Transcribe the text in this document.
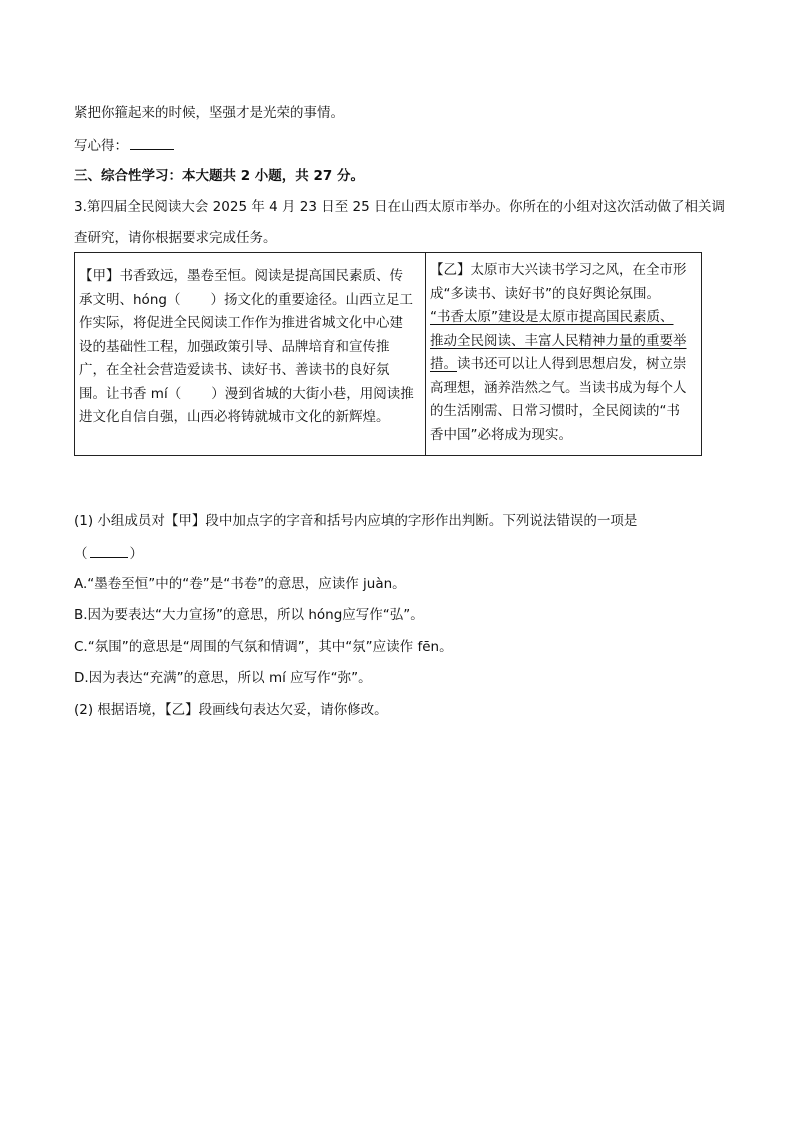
紧把你箍起来的时候，坚强才是光荣的事情。
写心得：
三、综合性学习：本大题共 2 小题，共 27 分。
3.第四届全民阅读大会 2025 年 4 月 23 日至 25 日在山西太原市举办。你所在的小组对这次活动做了相关调
查研究，请你根据要求完成任务。
【甲】书香致远，墨卷至恒。阅读是提高国民素质、传
承文明、hóng（ ）扬文化的重要途径。山西立足工
作实际，将促进全民阅读工作作为推进省城文化中心建
设的基础性工程，加强政策引导、品牌培育和宣传推
广，在全社会营造爱读书、读好书、善读书的良好氛
围。让书香 mí（ ）漫到省城的大街小巷，用阅读推
进文化自信自强，山西必将铸就城市文化的新辉煌。

【乙】太原市大兴读书学习之风，在全市形
成“多读书、读好书”的良好舆论氛围。
“书香太原”建设是太原市提高国民素质、
推动全民阅读、丰富人民精神力量的重要举
措。读书还可以让人得到思想启发，树立崇
高理想，涵养浩然之气。当读书成为每个人
的生活刚需、日常习惯时，全民阅读的“书
香中国”必将成为现实。
(1) 小组成员对【甲】段中加点字的字音和括号内应填的字形作出判断。下列说法错误的一项是
（	）
A.“墨卷至恒”中的“卷”是“书卷”的意思，应读作 juàn。
B.因为要表达“大力宣扬”的意思，所以 hóng应写作“弘”。
C.“氛围”的意思是“周围的气氛和情调”，其中“氛”应读作 fēn。
D.因为表达“充满”的意思，所以 mí 应写作“弥”。
(2) 根据语境，【乙】段画线句表达欠妥，请你修改。
